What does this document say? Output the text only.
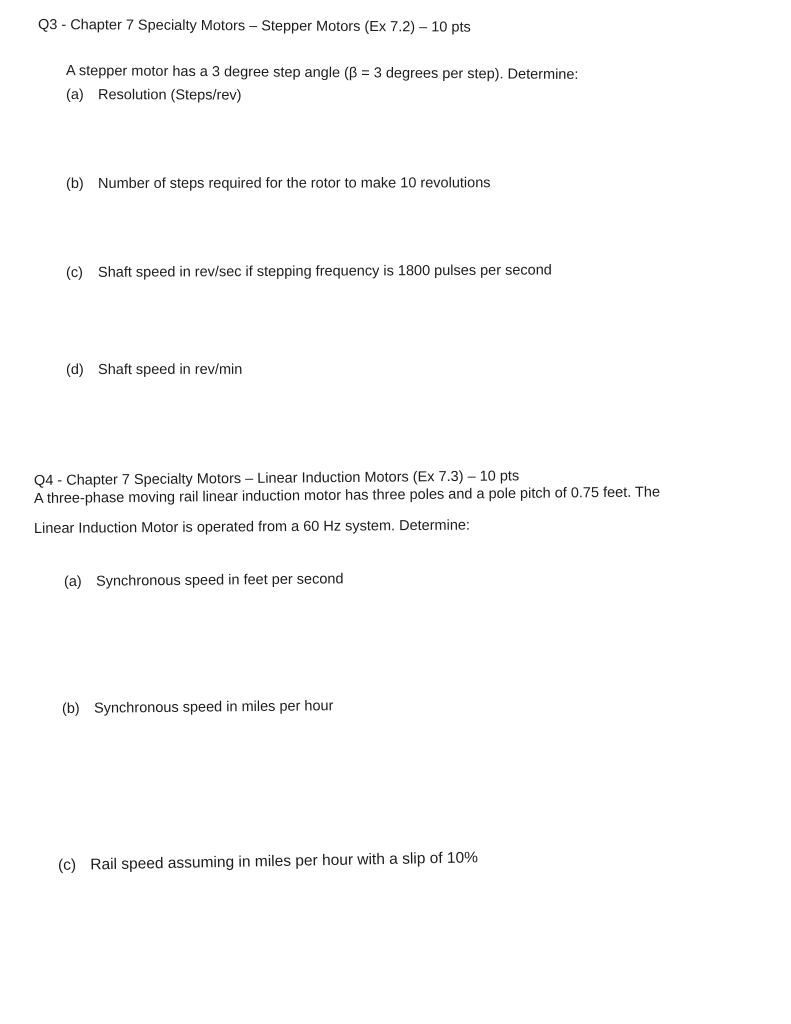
Q3 - Chapter 7 Specialty Motors – Stepper Motors (Ex 7.2) – 10 pts
A stepper motor has a 3 degree step angle (β = 3 degrees per step). Determine:
(a) Resolution (Steps/rev)
(b) Number of steps required for the rotor to make 10 revolutions
(c) Shaft speed in rev/sec if stepping frequency is 1800 pulses per second
(d) Shaft speed in rev/min
Q4 - Chapter 7 Specialty Motors – Linear Induction Motors (Ex 7.3) – 10 pts
A three-phase moving rail linear induction motor has three poles and a pole pitch of 0.75 feet. The
Linear Induction Motor is operated from a 60 Hz system. Determine:
(a) Synchronous speed in feet per second
(b) Synchronous speed in miles per hour
(c) Rail speed assuming in miles per hour with a slip of 10%
